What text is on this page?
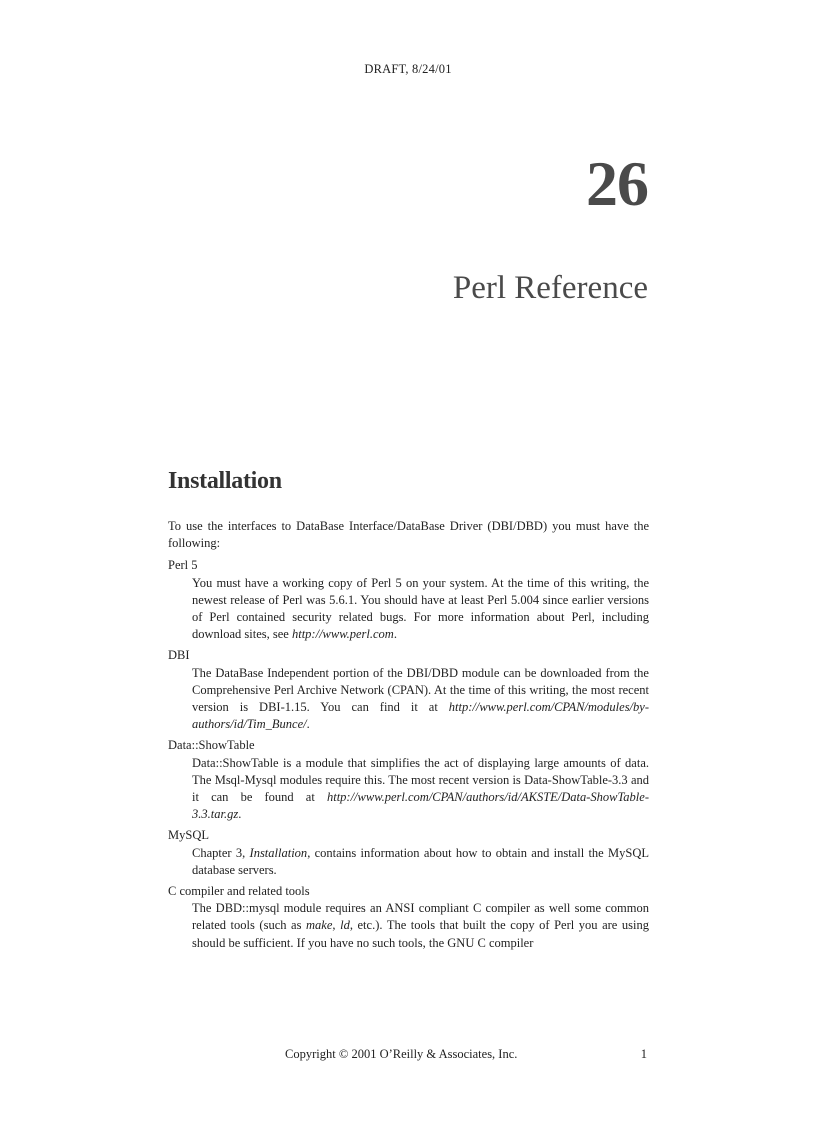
DRAFT, 8/24/01
26
Perl Reference
Installation

To use the interfaces to DataBase Interface/DataBase Driver (DBI/DBD) you must have the following:

Perl 5

You must have a working copy of Perl 5 on your system. At the time of this writing, the newest release of Perl was 5.6.1. You should have at least Perl 5.004 since earlier versions of Perl contained security related bugs. For more information about Perl, including download sites, see http://www.perl.com.

DBI

The DataBase Independent portion of the DBI/DBD module can be downloaded from the Comprehensive Perl Archive Network (CPAN). At the time of this writing, the most recent version is DBI-1.15. You can find it at http://www.perl.com/CPAN/modules/by-authors/id/Tim_Bunce/.

Data::ShowTable

Data::ShowTable is a module that simplifies the act of displaying large amounts of data. The Msql-Mysql modules require this. The most recent version is Data-ShowTable-3.3 and it can be found at http://www.perl.com/CPAN/authors/id/AKSTE/Data-ShowTable-3.3.tar.gz.

MySQL

Chapter 3, Installation, contains information about how to obtain and install the MySQL database servers.

C compiler and related tools

The DBD::mysql module requires an ANSI compliant C compiler as well some common related tools (such as make, ld, etc.). The tools that built the copy of Perl you are using should be sufficient. If you have no such tools, the GNU C compiler

Copyright © 2001 O’Reilly & Associates, Inc.	1
